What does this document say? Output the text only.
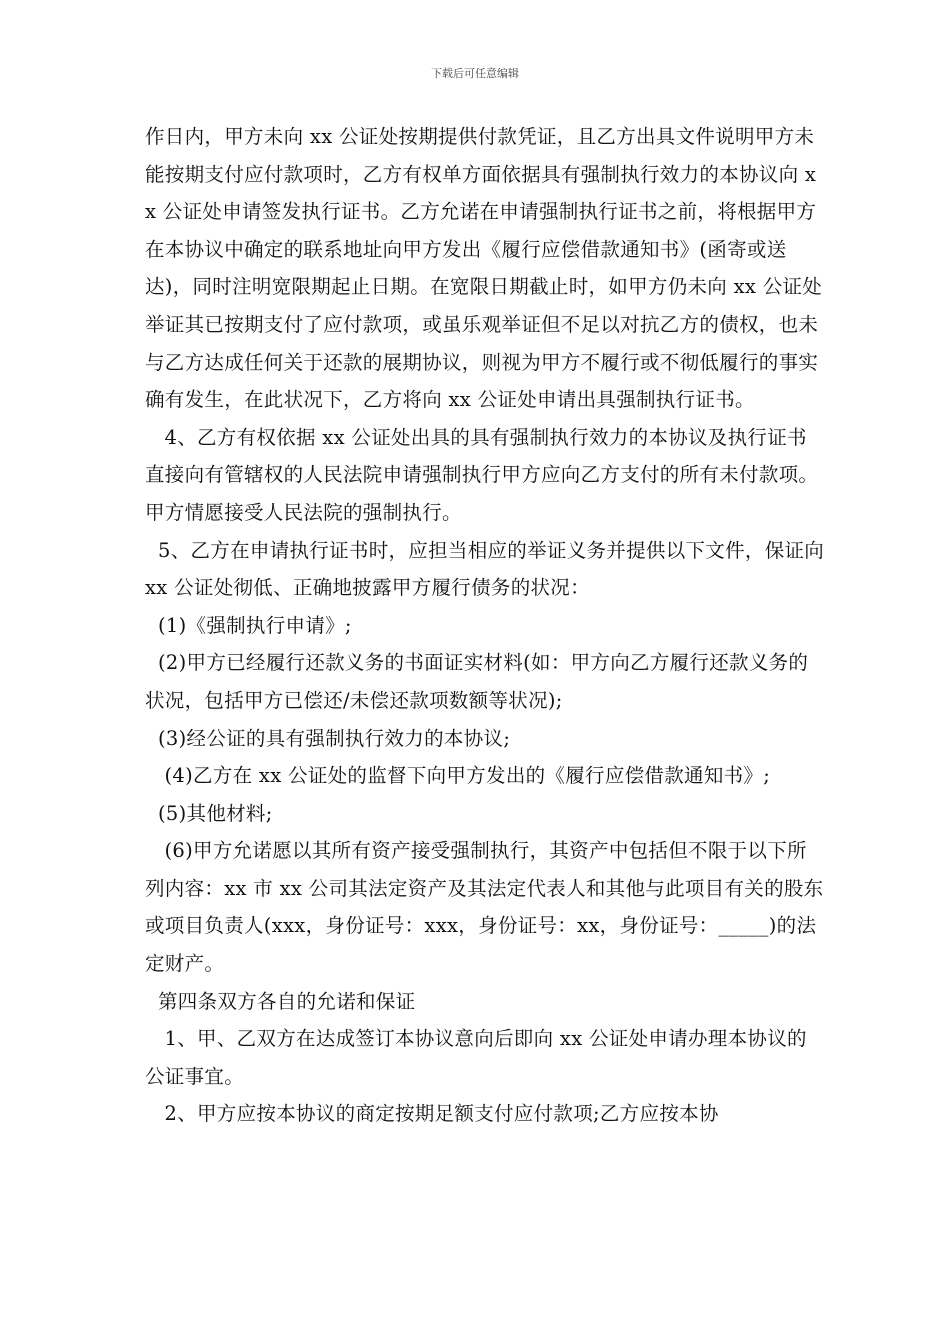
下载后可任意编辑

作日内，甲方未向 xx 公证处按期提供付款凭证，且乙方出具文件说明甲方未能按期支付应付款项时，乙方有权单方面依据具有强制执行效力的本协议向 xx 公证处申请签发执行证书。乙方允诺在申请强制执行证书之前，将根据甲方在本协议中确定的联系地址向甲方发出《履行应偿借款通知书》(函寄或送达)，同时注明宽限期起止日期。在宽限日期截止时，如甲方仍未向 xx 公证处举证其已按期支付了应付款项，或虽乐观举证但不足以对抗乙方的债权，也未与乙方达成任何关于还款的展期协议，则视为甲方不履行或不彻低履行的事实确有发生，在此状况下，乙方将向 xx 公证处申请出具强制执行证书。

4、乙方有权依据 xx 公证处出具的具有强制执行效力的本协议及执行证书直接向有管辖权的人民法院申请强制执行甲方应向乙方支付的所有未付款项。甲方情愿接受人民法院的强制执行。

5、乙方在申请执行证书时，应担当相应的举证义务并提供以下文件，保证向 xx 公证处彻低、正确地披露甲方履行债务的状况：

(1)《强制执行申请》;

(2)甲方已经履行还款义务的书面证实材料(如：甲方向乙方履行还款义务的状况，包括甲方已偿还/未偿还款项数额等状况);

(3)经公证的具有强制执行效力的本协议;

(4)乙方在 xx 公证处的监督下向甲方发出的《履行应偿借款通知书》;

(5)其他材料;

(6)甲方允诺愿以其所有资产接受强制执行，其资产中包括但不限于以下所列内容：xx 市 xx 公司其法定资产及其法定代表人和其他与此项目有关的股东或项目负责人(xxx，身份证号：xxx，身份证号：xx，身份证号：_____)的法定财产。

第四条双方各自的允诺和保证

1、甲、乙双方在达成签订本协议意向后即向 xx 公证处申请办理本协议的公证事宜。

2、甲方应按本协议的商定按期足额支付应付款项;乙方应按本协
